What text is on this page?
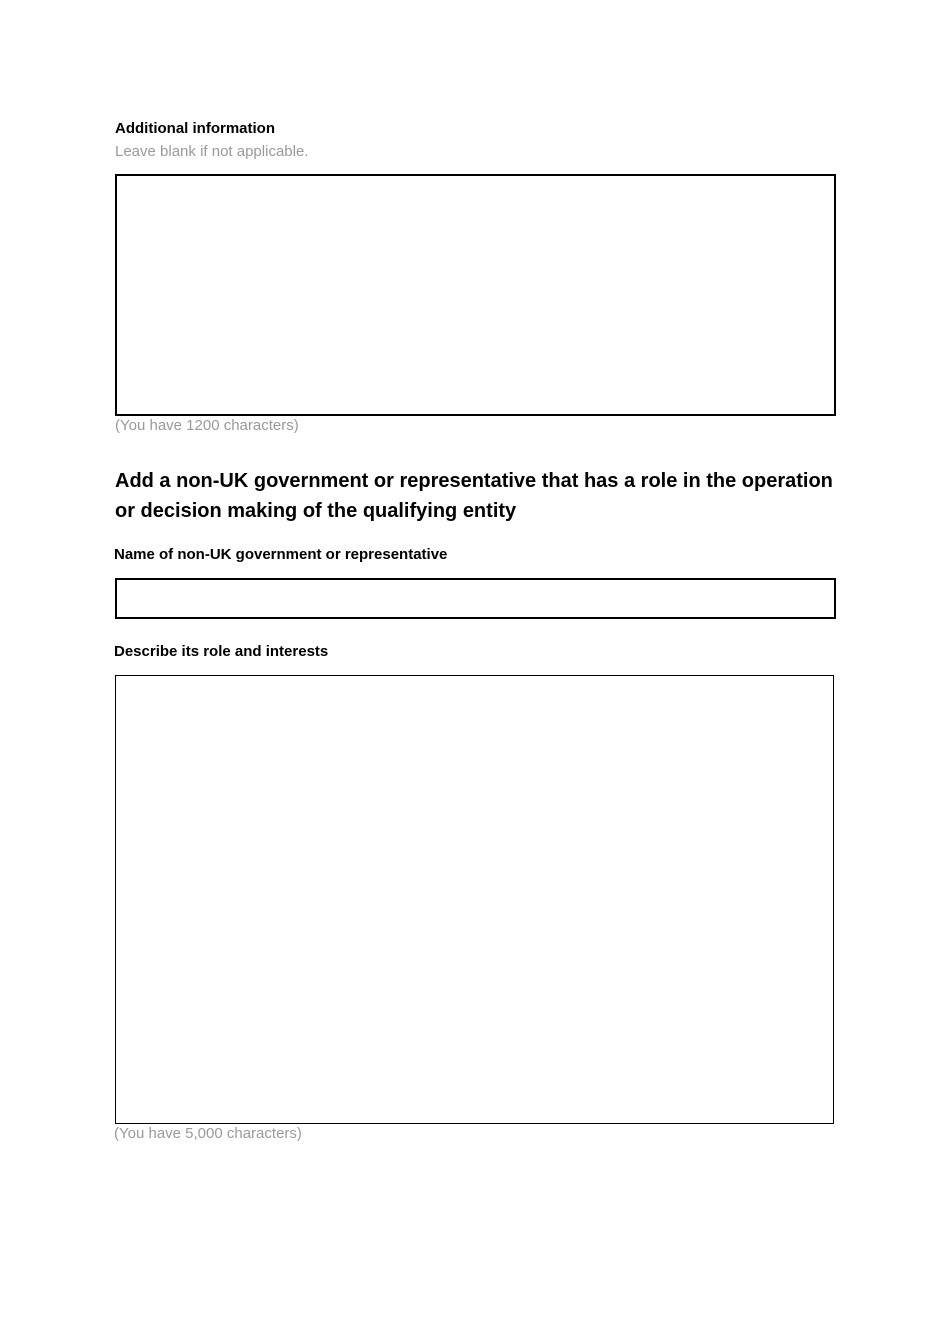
Additional information
Leave blank if not applicable.
(You have 1200 characters)
Add a non-UK government or representative that has a role in the operation or decision making of the qualifying entity
Name of non-UK government or representative
Describe its role and interests
(You have 5,000 characters)
